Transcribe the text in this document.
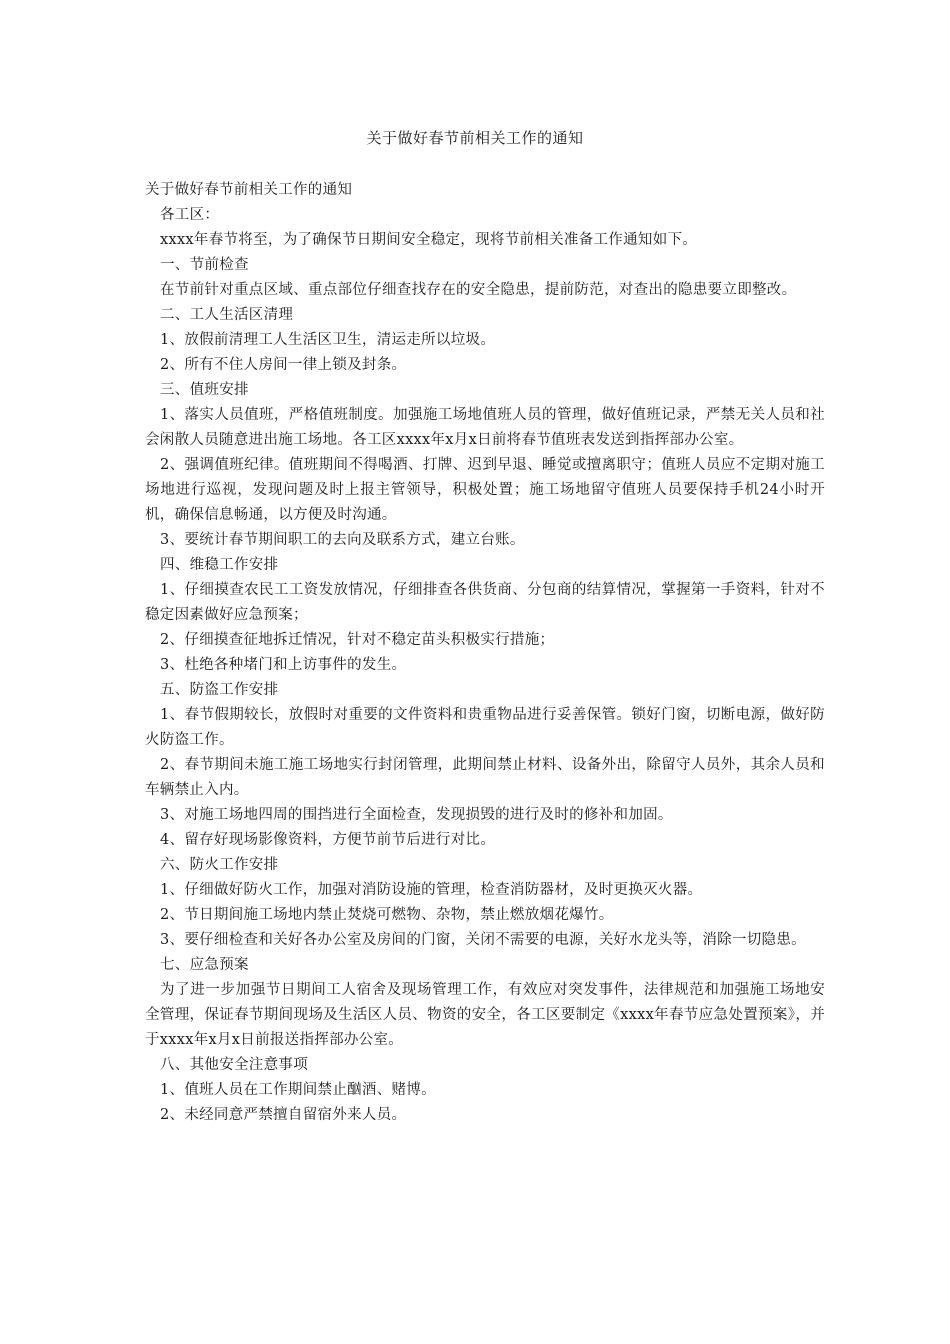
关于做好春节前相关工作的通知

关于做好春节前相关工作的通知

各工区：

xxxx年春节将至，为了确保节日期间安全稳定，现将节前相关准备工作通知如下。

一、节前检查

在节前针对重点区域、重点部位仔细查找存在的安全隐患，提前防范，对查出的隐患要立即整改。

二、工人生活区清理

1、放假前清理工人生活区卫生，清运走所以垃圾。

2、所有不住人房间一律上锁及封条。

三、值班安排

1、落实人员值班，严格值班制度。加强施工场地值班人员的管理，做好值班记录，严禁无关人员和社会闲散人员随意进出施工场地。各工区xxxx年x月x日前将春节值班表发送到指挥部办公室。

2、强调值班纪律。值班期间不得喝酒、打牌、迟到早退、睡觉或擅离职守；值班人员应不定期对施工场地进行巡视，发现问题及时上报主管领导，积极处置；施工场地留守值班人员要保持手机24小时开机，确保信息畅通，以方便及时沟通。

3、要统计春节期间职工的去向及联系方式，建立台账。

四、维稳工作安排

1、仔细摸查农民工工资发放情况，仔细排查各供货商、分包商的结算情况，掌握第一手资料，针对不稳定因素做好应急预案；

2、仔细摸查征地拆迁情况，针对不稳定苗头积极实行措施；

3、杜绝各种堵门和上访事件的发生。

五、防盗工作安排

1、春节假期较长，放假时对重要的文件资料和贵重物品进行妥善保管。锁好门窗，切断电源，做好防火防盗工作。

2、春节期间未施工施工场地实行封闭管理，此期间禁止材料、设备外出，除留守人员外，其余人员和车辆禁止入内。

3、对施工场地四周的围挡进行全面检查，发现损毁的进行及时的修补和加固。

4、留存好现场影像资料，方便节前节后进行对比。

六、防火工作安排

1、仔细做好防火工作，加强对消防设施的管理，检查消防器材，及时更换灭火器。

2、节日期间施工场地内禁止焚烧可燃物、杂物，禁止燃放烟花爆竹。

3、要仔细检查和关好各办公室及房间的门窗，关闭不需要的电源，关好水龙头等，消除一切隐患。

七、应急预案

为了进一步加强节日期间工人宿舍及现场管理工作，有效应对突发事件，法律规范和加强施工场地安全管理，保证春节期间现场及生活区人员、物资的安全，各工区要制定《xxxx年春节应急处置预案》，并于xxxx年x月x日前报送指挥部办公室。

八、其他安全注意事项

1、值班人员在工作期间禁止酗酒、赌博。

2、未经同意严禁擅自留宿外来人员。
